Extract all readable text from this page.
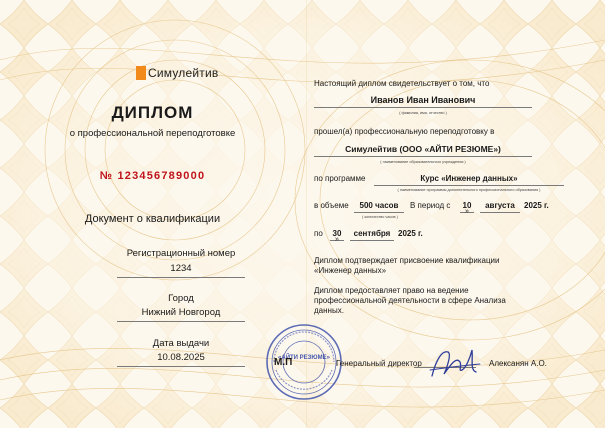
Симулейтив
ДИПЛОМ
о профессиональной переподготовке
№ 123456789000
Документ о квалификации
Регистрационный номер
1234
Город
Нижний Новгород
Дата выдачи
10.08.2025
Настоящий диплом свидетельствует о том, что
Иванов Иван Иванович
( фамилия, имя, отчество )
прошел(а) профессиональную переподготовку в
Симулейтив (ООО «АЙТИ РЕЗЮМЕ»)
( наименование образовательного учреждения )
по программе	Курс «Инженер данных»
( наименование программы дополнительного профессионального образования )
в объеме	500 часов
( количество часов )
В период с	10
»
августа	2025 г.
по	30
»
сентября 2025 г.
Диплом подтверждает присвоение квалификации «Инженер данных»
Диплом предоставляет право на ведение профессиональной деятельности в сфере Анализа данных.
«АЙТИ РЕЗЮМЕ»
М.П	Генеральный директор	Алексанян А.О.
